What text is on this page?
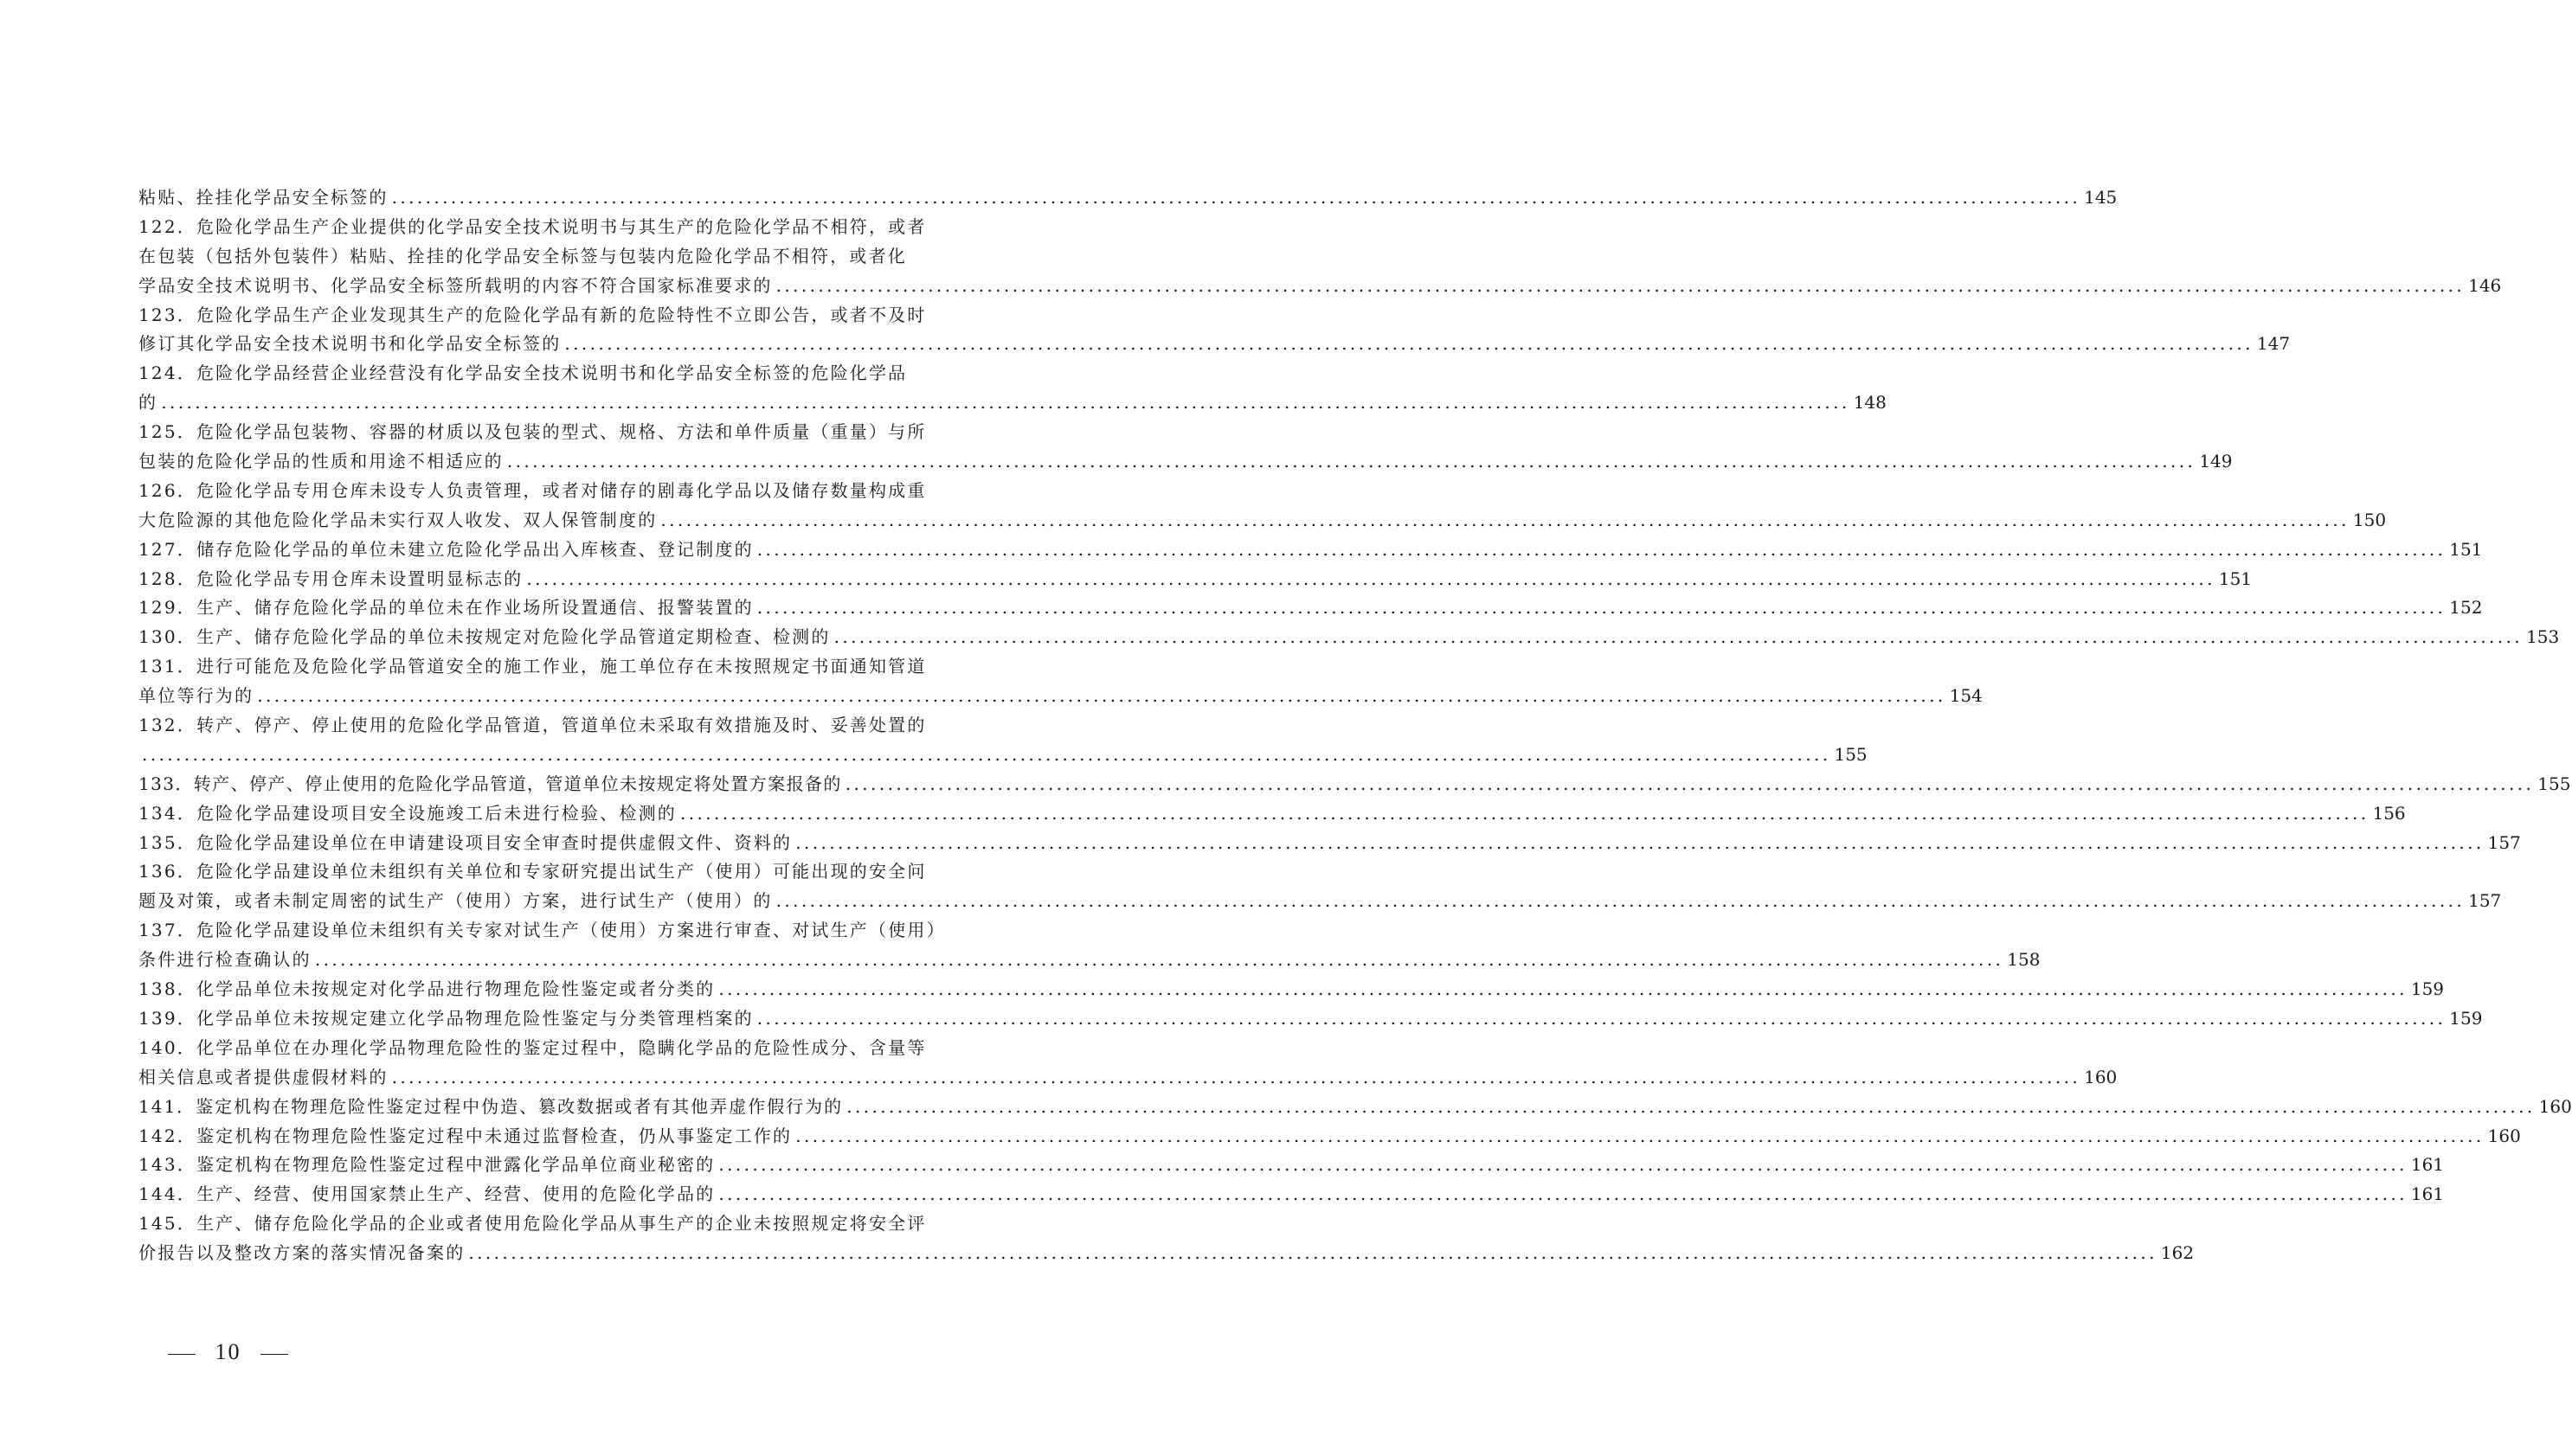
粘贴、拴挂化学品安全标签的 ........................................................................................................................................................................................................ 145
122．危险化学品生产企业提供的化学品安全技术说明书与其生产的危险化学品不相符，或者
在包装（包括外包装件）粘贴、拴挂的化学品安全标签与包装内危险化学品不相符，或者化
学品安全技术说明书、化学品安全标签所载明的内容不符合国家标准要求的 ........................................................................................................................................................................................................ 146
123．危险化学品生产企业发现其生产的危险化学品有新的危险特性不立即公告，或者不及时
修订其化学品安全技术说明书和化学品安全标签的 ........................................................................................................................................................................................................ 147
124．危险化学品经营企业经营没有化学品安全技术说明书和化学品安全标签的危险化学品
的 ........................................................................................................................................................................................................ 148
125．危险化学品包装物、容器的材质以及包装的型式、规格、方法和单件质量（重量）与所
包装的危险化学品的性质和用途不相适应的 ........................................................................................................................................................................................................ 149
126．危险化学品专用仓库未设专人负责管理，或者对储存的剧毒化学品以及储存数量构成重
大危险源的其他危险化学品未实行双人收发、双人保管制度的 ........................................................................................................................................................................................................ 150
127．储存危险化学品的单位未建立危险化学品出入库核查、登记制度的 ........................................................................................................................................................................................................ 151
128．危险化学品专用仓库未设置明显标志的 ........................................................................................................................................................................................................ 151
129．生产、储存危险化学品的单位未在作业场所设置通信、报警装置的 ........................................................................................................................................................................................................ 152
130．生产、储存危险化学品的单位未按规定对危险化学品管道定期检查、检测的 ........................................................................................................................................................................................................ 153
131．进行可能危及危险化学品管道安全的施工作业，施工单位存在未按照规定书面通知管道
单位等行为的 ........................................................................................................................................................................................................ 154
132．转产、停产、停止使用的危险化学品管道，管道单位未采取有效措施及时、妥善处置的
........................................................................................................................................................................................................ 155
133．转产、停产、停止使用的危险化学品管道，管道单位未按规定将处置方案报备的 ........................................................................................................................................................................................................ 155
134．危险化学品建设项目安全设施竣工后未进行检验、检测的 ........................................................................................................................................................................................................ 156
135．危险化学品建设单位在申请建设项目安全审查时提供虚假文件、资料的 ........................................................................................................................................................................................................ 157
136．危险化学品建设单位未组织有关单位和专家研究提出试生产（使用）可能出现的安全问
题及对策，或者未制定周密的试生产（使用）方案，进行试生产（使用）的 ........................................................................................................................................................................................................ 157
137．危险化学品建设单位未组织有关专家对试生产（使用）方案进行审查、对试生产（使用）
条件进行检查确认的 ........................................................................................................................................................................................................ 158
138．化学品单位未按规定对化学品进行物理危险性鉴定或者分类的 ........................................................................................................................................................................................................ 159
139．化学品单位未按规定建立化学品物理危险性鉴定与分类管理档案的 ........................................................................................................................................................................................................ 159
140．化学品单位在办理化学品物理危险性的鉴定过程中，隐瞒化学品的危险性成分、含量等
相关信息或者提供虚假材料的 ........................................................................................................................................................................................................ 160
141．鉴定机构在物理危险性鉴定过程中伪造、篡改数据或者有其他弄虚作假行为的 ........................................................................................................................................................................................................ 160
142．鉴定机构在物理危险性鉴定过程中未通过监督检查，仍从事鉴定工作的 ........................................................................................................................................................................................................ 160
143．鉴定机构在物理危险性鉴定过程中泄露化学品单位商业秘密的 ........................................................................................................................................................................................................ 161
144．生产、经营、使用国家禁止生产、经营、使用的危险化学品的 ........................................................................................................................................................................................................ 161
145．生产、储存危险化学品的企业或者使用危险化学品从事生产的企业未按照规定将安全评
价报告以及整改方案的落实情况备案的 ........................................................................................................................................................................................................ 162
10
